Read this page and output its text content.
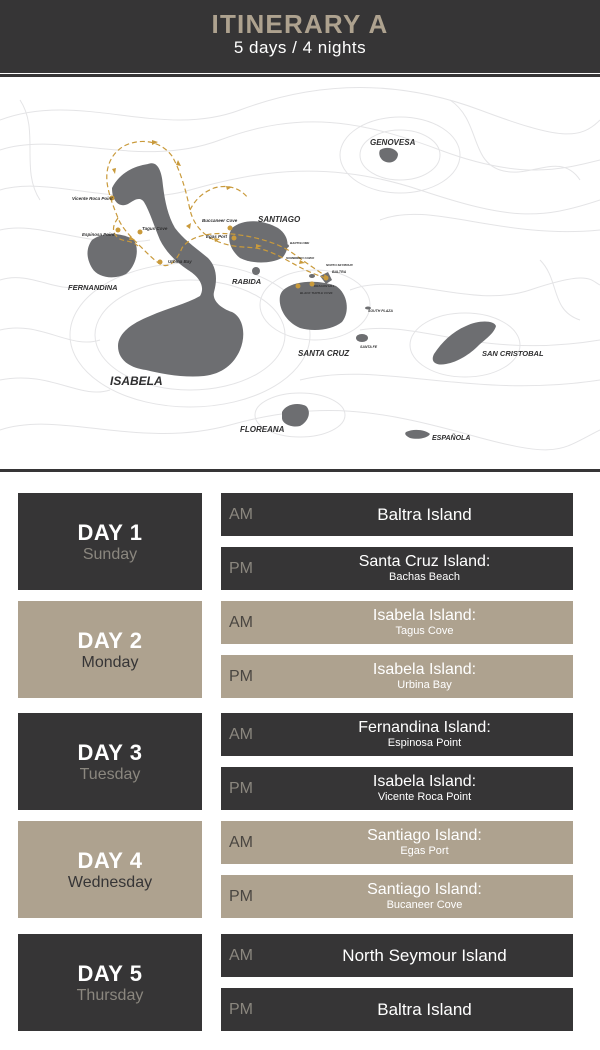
ITINERARY A
5 days / 4 nights
GENOVESA
SANTIAGO
FERNANDINA
RABIDA
SANTA CRUZ
ISABELA
SAN CRISTOBAL
FLOREANA
ESPAÑOLA
Vicente Roca Point
Espinosa Point
Tagus Cove
Urbina Bay
Buccaneer Cove
Egas Port
BALTRA
NORTH SEYMOUR
SOUTH PLAZA
SANTA FE
SOMBRERO CHINO
BARTOLOME
DRAGON HILL
BLACK TURTLE COVE
DAY 1
Sunday
AM	Baltra Island
PM	Santa Cruz Island:
Bachas Beach
DAY 2
Monday
AM	Isabela Island:
Tagus Cove
PM	Isabela Island:
Urbina Bay
DAY 3
Tuesday
AM	Fernandina Island:
Espinosa Point
PM	Isabela Island:
Vicente Roca Point
DAY 4
Wednesday
AM	Santiago Island:
Egas Port
PM	Santiago Island:
Bucaneer Cove
DAY 5
Thursday
AM	North Seymour Island
PM	Baltra Island
